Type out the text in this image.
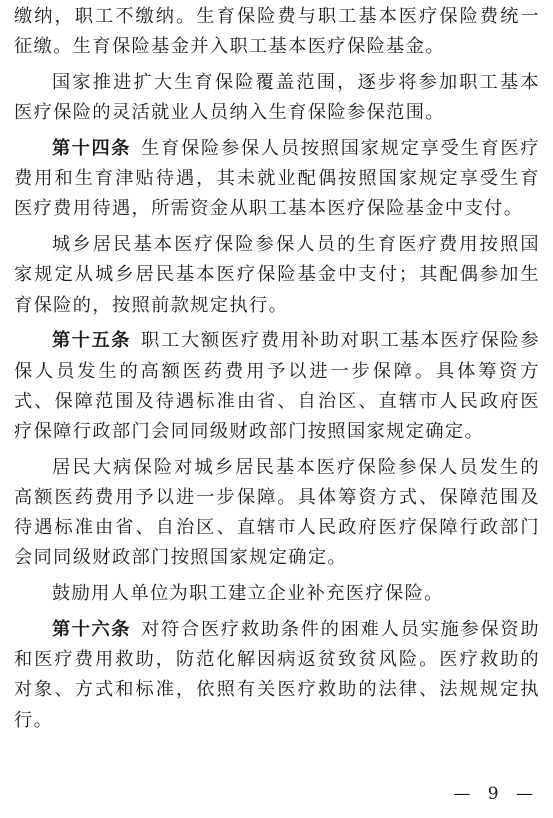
缴纳，职工不缴纳。生育保险费与职工基本医疗保险费统一征缴。生育保险基金并入职工基本医疗保险基金。

国家推进扩大生育保险覆盖范围，逐步将参加职工基本医疗保险的灵活就业人员纳入生育保险参保范围。

第十四条 生育保险参保人员按照国家规定享受生育医疗费用和生育津贴待遇，其未就业配偶按照国家规定享受生育医疗费用待遇，所需资金从职工基本医疗保险基金中支付。

城乡居民基本医疗保险参保人员的生育医疗费用按照国家规定从城乡居民基本医疗保险基金中支付；其配偶参加生育保险的，按照前款规定执行。

第十五条 职工大额医疗费用补助对职工基本医疗保险参保人员发生的高额医药费用予以进一步保障。具体筹资方式、保障范围及待遇标准由省、自治区、直辖市人民政府医疗保障行政部门会同同级财政部门按照国家规定确定。

居民大病保险对城乡居民基本医疗保险参保人员发生的高额医药费用予以进一步保障。具体筹资方式、保障范围及待遇标准由省、自治区、直辖市人民政府医疗保障行政部门会同同级财政部门按照国家规定确定。

鼓励用人单位为职工建立企业补充医疗保险。

第十六条 对符合医疗救助条件的困难人员实施参保资助和医疗费用救助，防范化解因病返贫致贫风险。医疗救助的对象、方式和标准，依照有关医疗救助的法律、法规规定执行。

— 9 —
